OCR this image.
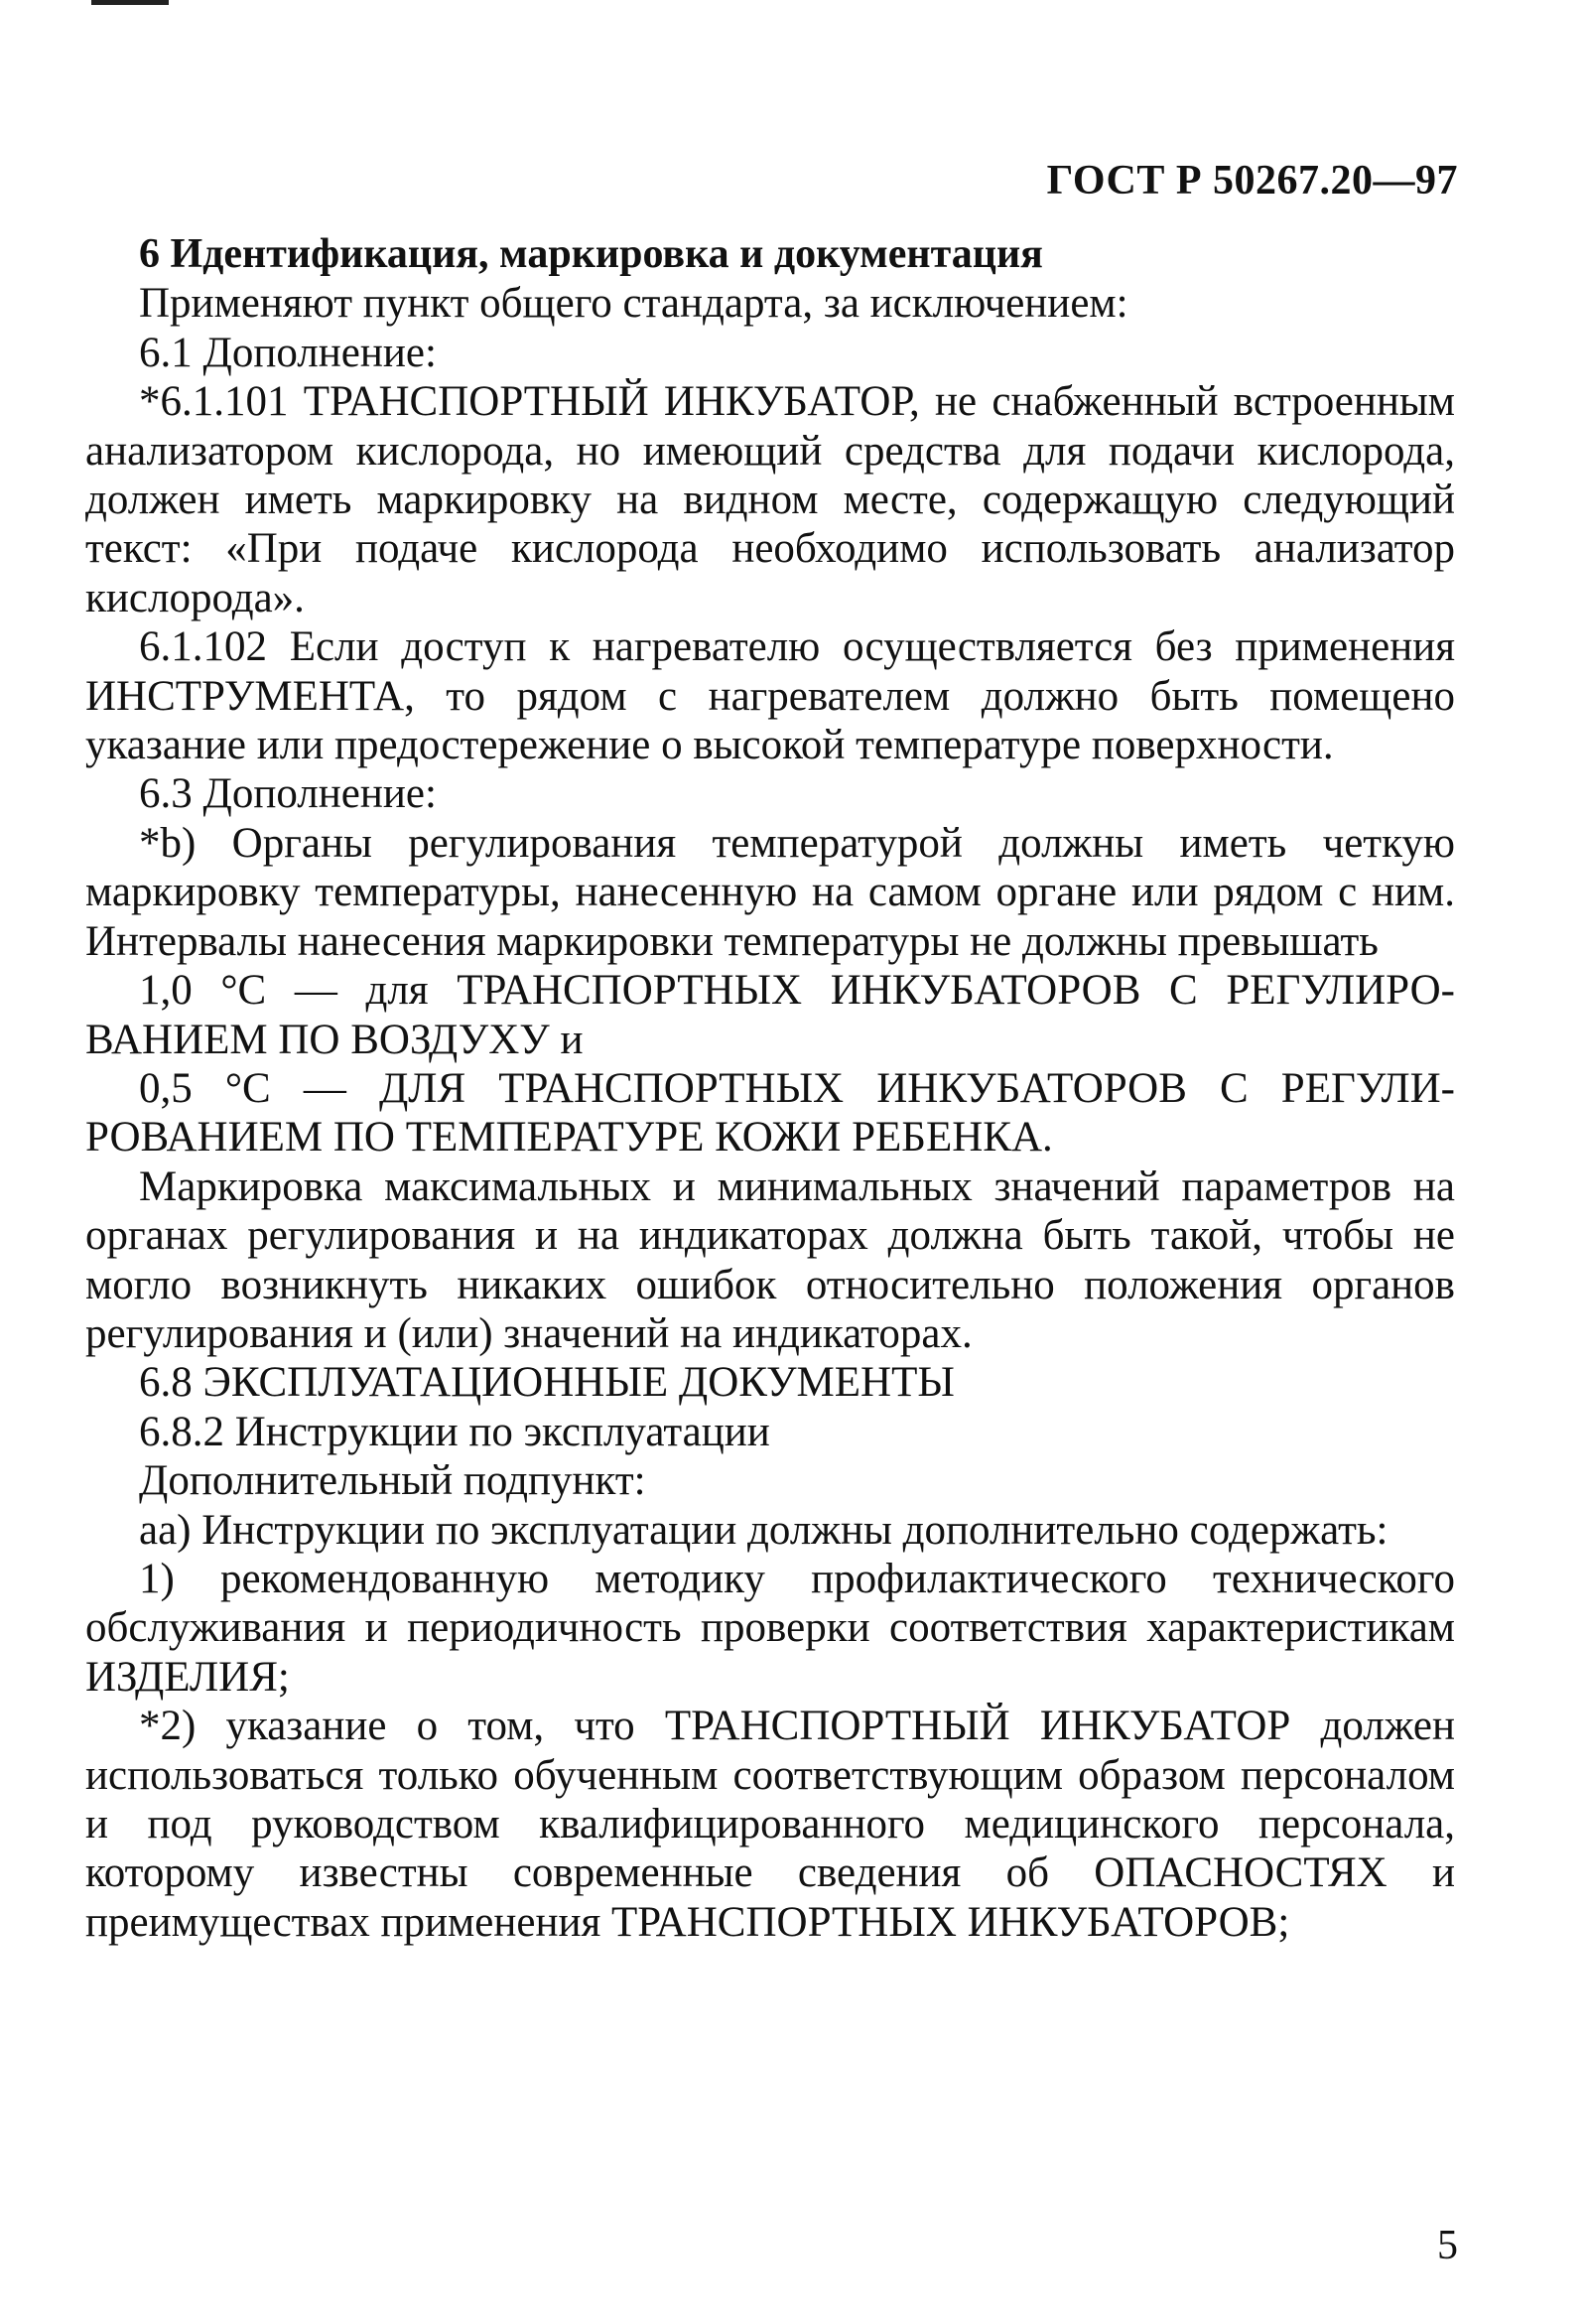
ГОСТ Р 50267.20—97

6 Идентификация, маркировка и документация

Применяют пункт общего стандарта, за исключением:

6.1 Дополнение:

*6.1.101 ТРАНСПОРТНЫЙ ИНКУБАТОР, не снабженный встроенным анализатором кислорода, но имеющий средства для подачи кислорода, должен иметь маркировку на видном месте, содержащую следующий текст: «При подаче кислорода необходимо использовать анализатор кислорода».

6.1.102 Если доступ к нагревателю осуществляется без применения ИНСТРУМЕНТА, то рядом с нагревателем должно быть помещено указание или предостережение о высокой температуре поверхности.

6.3 Дополнение:

*b) Органы регулирования температурой должны иметь четкую маркировку температуры, нанесенную на самом органе или рядом с ним. Интервалы нанесения маркировки температуры не должны превышать

1,0 °С — для ТРАНСПОРТНЫХ ИНКУБАТОРОВ С РЕГУЛИРОВАНИЕМ ПО ВОЗДУХУ и

0,5 °С — ДЛЯ ТРАНСПОРТНЫХ ИНКУБАТОРОВ С РЕГУЛИРОВАНИЕМ ПО ТЕМПЕРАТУРЕ КОЖИ РЕБЕНКА.

Маркировка максимальных и минимальных значений параметров на органах регулирования и на индикаторах должна быть такой, чтобы не могло возникнуть никаких ошибок относительно положения органов регулирования и (или) значений на индикаторах.

6.8 ЭКСПЛУАТАЦИОННЫЕ ДОКУМЕНТЫ

6.8.2 Инструкции по эксплуатации

Дополнительный подпункт:

аа) Инструкции по эксплуатации должны дополнительно содержать:

1) рекомендованную методику профилактического технического обслуживания и периодичность проверки соответствия характеристикам ИЗДЕЛИЯ;

*2) указание о том, что ТРАНСПОРТНЫЙ ИНКУБАТОР должен использоваться только обученным соответствующим образом персоналом и под руководством квалифицированного медицинского персонала, которому известны современные сведения об ОПАСНОСТЯХ и преимуществах применения ТРАНСПОРТНЫХ ИНКУБАТОРОВ;

5
